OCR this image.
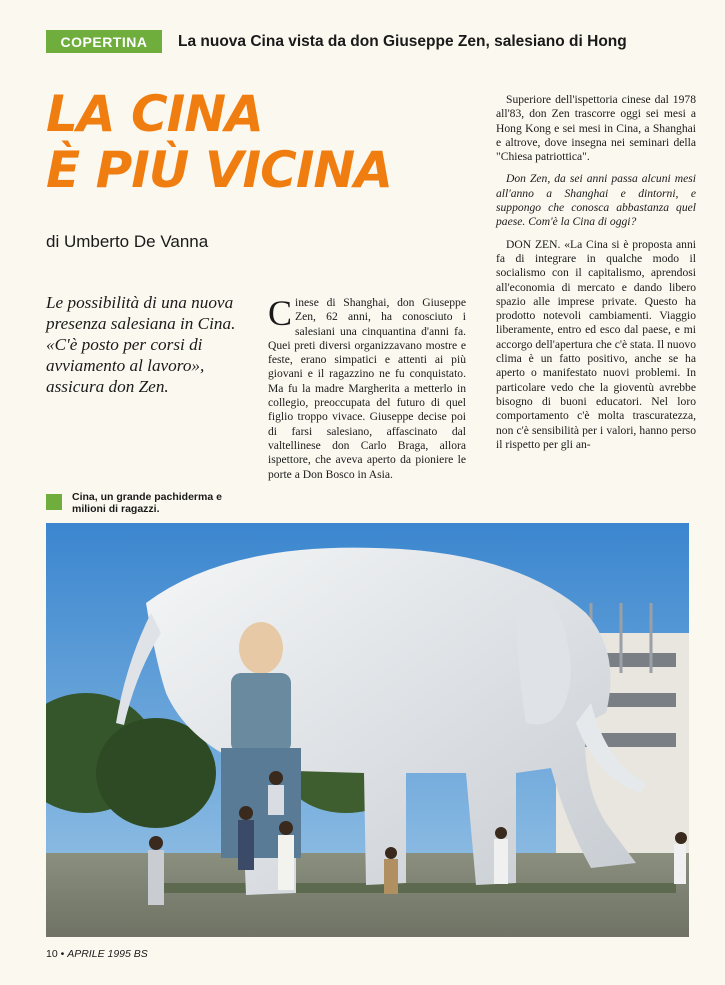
COPERTINA	La nuova Cina vista da don Giuseppe Zen, salesiano di Hong
LA CINA
È PIÙ VICINA
di Umberto De Vanna
Le possibilità di una nuova presenza salesiana in Cina. «C'è posto per corsi di avviamento al lavoro», assicura don Zen.

Cinese di Shanghai, don Giuseppe Zen, 62 anni, ha conosciuto i salesiani una cinquantina d'anni fa. Quei preti diversi organizzavano mostre e feste, erano simpatici e attenti ai più giovani e il ragazzino ne fu conquistato. Ma fu la madre Margherita a metterlo in collegio, preoccupata del futuro di quel figlio troppo vivace. Giuseppe decise poi di farsi salesiano, affascinato dal valtellinese don Carlo Braga, allora ispettore, che aveva aperto da pioniere le porte a Don Bosco in Asia.

Superiore dell'ispettoria cinese dal 1978 all'83, don Zen trascorre oggi sei mesi a Hong Kong e sei mesi in Cina, a Shanghai e altrove, dove insegna nei seminari della "Chiesa patriottica".

Don Zen, da sei anni passa alcuni mesi all'anno a Shanghai e dintorni, e suppongo che conosca abbastanza quel paese. Com'è la Cina di oggi?

DON ZEN. «La Cina si è proposta anni fa di integrare in qualche modo il socialismo con il capitalismo, aprendosi all'economia di mercato e dando libero spazio alle imprese private. Questo ha prodotto notevoli cambiamenti. Viaggio liberamente, entro ed esco dal paese, e mi accorgo dell'apertura che c'è stata. Il nuovo clima è un fatto positivo, anche se ha aperto o manifestato nuovi problemi. In particolare vedo che la gioventù avrebbe bisogno di buoni educatori. Nel loro comportamento c'è molta trascuratezza, non c'è sensibilità per i valori, hanno perso il rispetto per gli an-

Cina, un grande pachiderma e milioni di ragazzi.
10 • APRILE 1995 BS
